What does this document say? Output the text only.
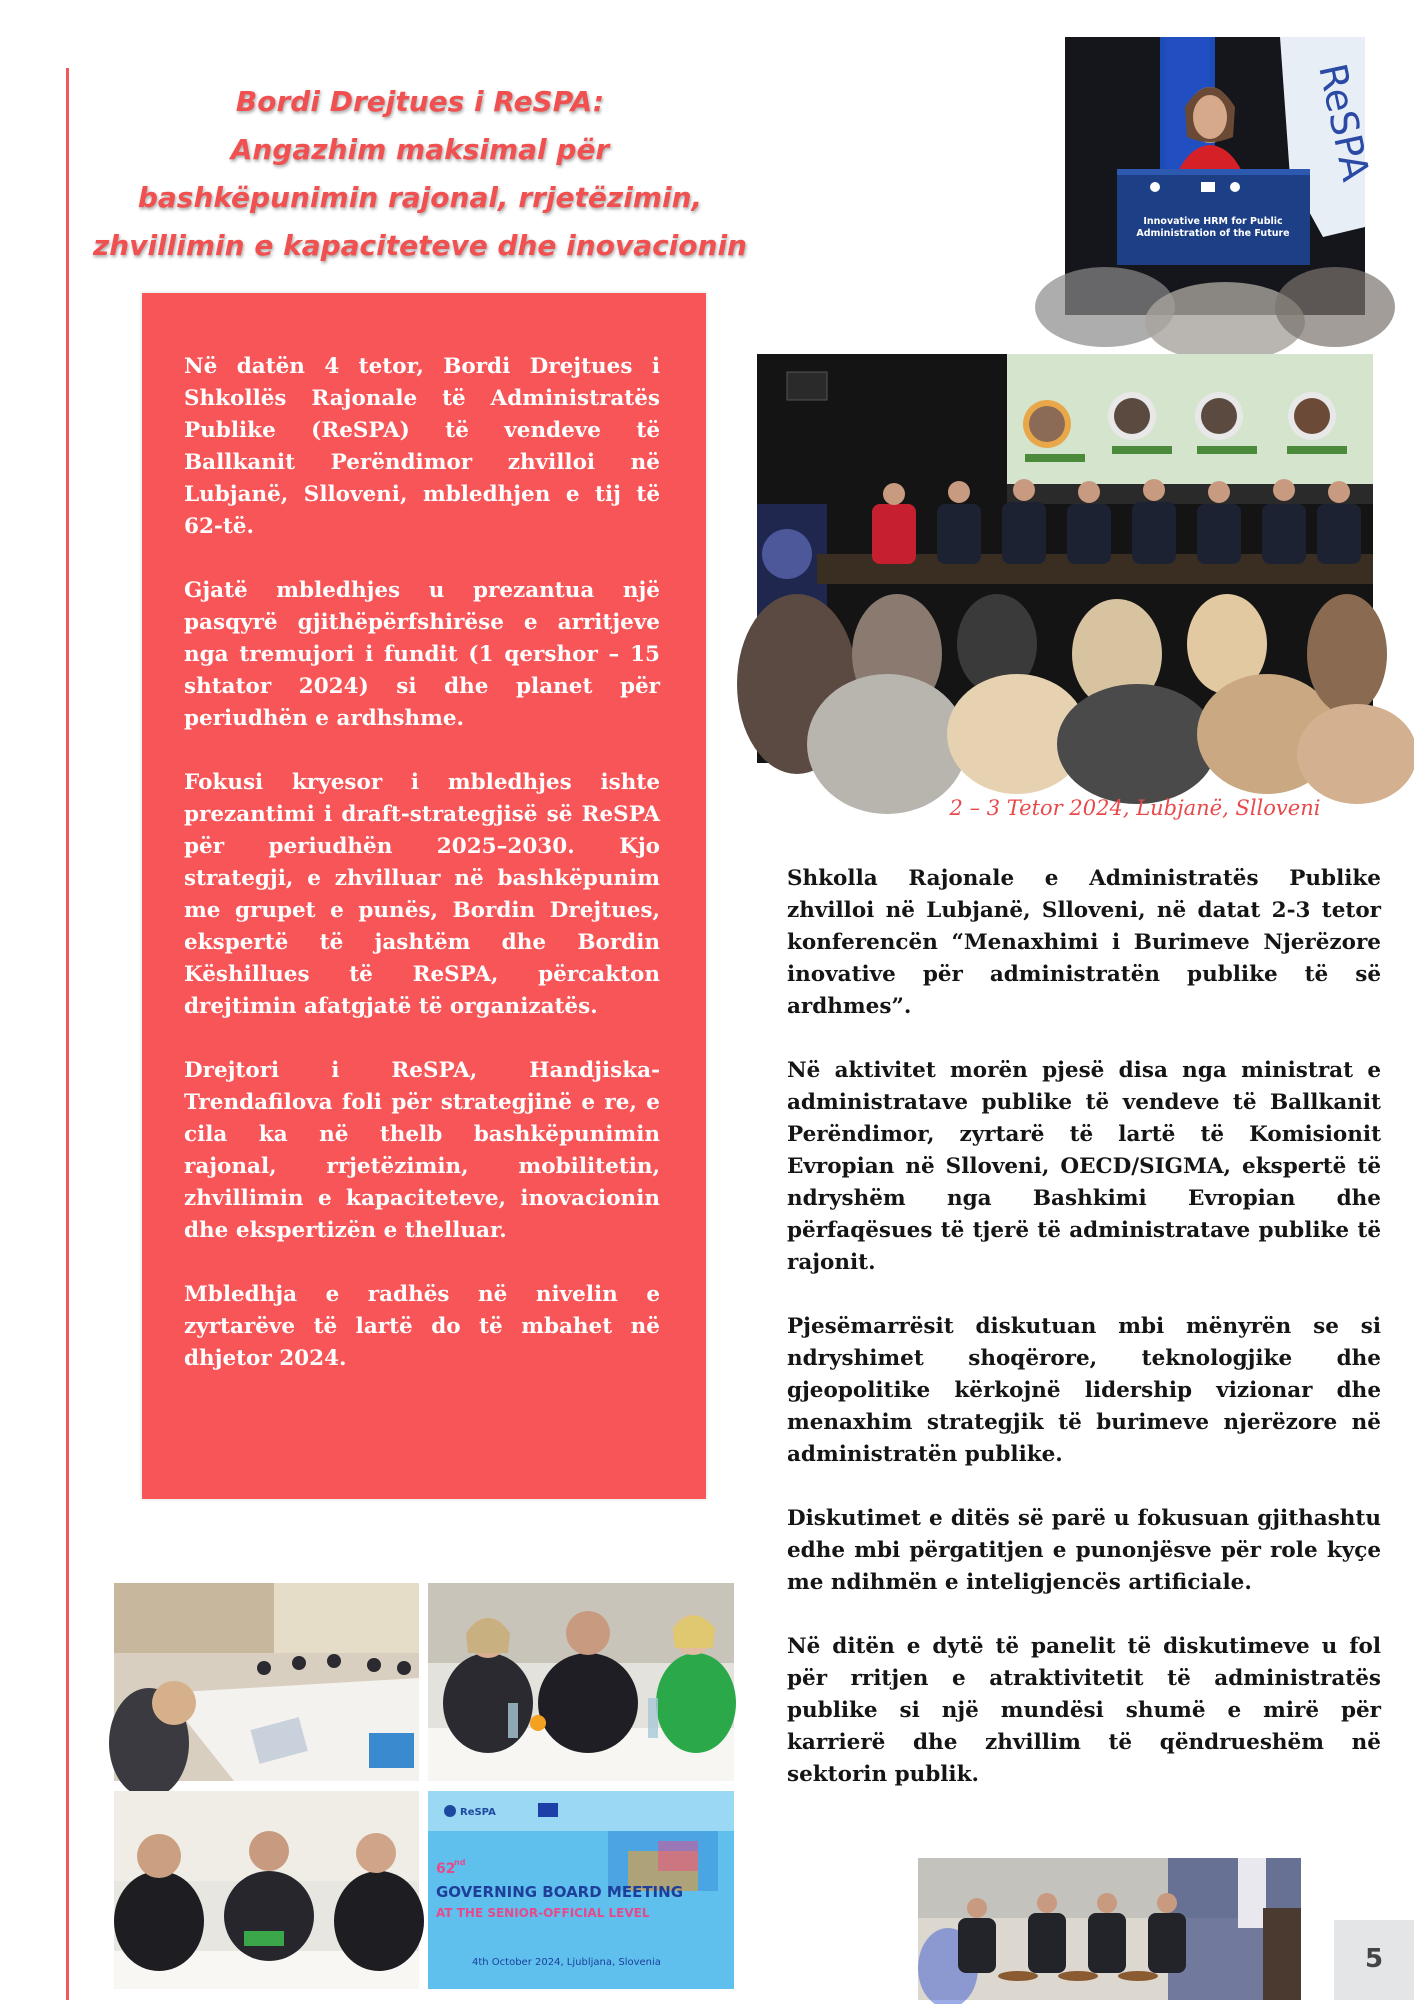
Bordi Drejtues i ReSPA:
Angazhim maksimal për
bashkëpunimin rajonal, rrjetëzimin,
zhvillimin e kapaciteteve dhe inovacionin
ReSPA
Innovative HRM for Public
Administration of the Future

Në datën 4 tetor, Bordi Drejtues i Shkollës Rajonale të Administratës Publike (ReSPA) të vendeve të Ballkanit Perëndimor zhvilloi në Lubjanë, Slloveni, mbledhjen e tij të 62-të.

Gjatë mbledhjes u prezantua një pasqyrë gjithëpërfshirëse e arritjeve nga tremujori i fundit (1 qershor – 15 shtator 2024) si dhe planet për periudhën e ardhshme.

Fokusi kryesor i mbledhjes ishte prezantimi i draft-strategjisë së ReSPA për periudhën 2025–2030. Kjo strategji, e zhvilluar në bashkëpunim me grupet e punës, Bordin Drejtues, ekspertë të jashtëm dhe Bordin Këshillues të ReSPA, përcakton drejtimin afatgjatë të organizatës.

Drejtori i ReSPA, Handjiska-Trendafilova foli për strategjinë e re, e cila ka në thelb bashkëpunimin rajonal, rrjetëzimin, mobilitetin, zhvillimin e kapaciteteve, inovacionin dhe ekspertizën e thelluar.

Mbledhja e radhës në nivelin e zyrtarëve të lartë do të mbahet në dhjetor 2024.

2 – 3 Tetor 2024, Lubjanë, Slloveni

Shkolla Rajonale e Administratës Publike zhvilloi në Lubjanë, Slloveni, në datat 2-3 tetor konferencën “Menaxhimi i Burimeve Njerëzore inovative për administratën publike të së ardhmes”.

Në aktivitet morën pjesë disa nga ministrat e administratave publike të vendeve të Ballkanit Perëndimor, zyrtarë të lartë të Komisionit Evropian në Slloveni, OECD/SIGMA, ekspertë të ndryshëm nga Bashkimi Evropian dhe përfaqësues të tjerë të administratave publike të rajonit.

Pjesëmarrësit diskutuan mbi mënyrën se si ndryshimet shoqërore, teknologjike dhe gjeopolitike kërkojnë lidership vizionar dhe menaxhim strategjik të burimeve njerëzore në administratën publike.

Diskutimet e ditës së parë u fokusuan gjithashtu edhe mbi përgatitjen e punonjësve për role kyçe me ndihmën e inteligjencës artificiale.

Në ditën e dytë të panelit të diskutimeve u fol për rritjen e atraktivitetit të administratës publike si një mundësi shumë e mirë për karrierë dhe zhvillim të qëndrueshëm në sektorin publik.

ReSPA
62
nd
GOVERNING BOARD MEETING
AT THE SENIOR-OFFICIAL LEVEL
4th October 2024, Ljubljana, Slovenia	5
